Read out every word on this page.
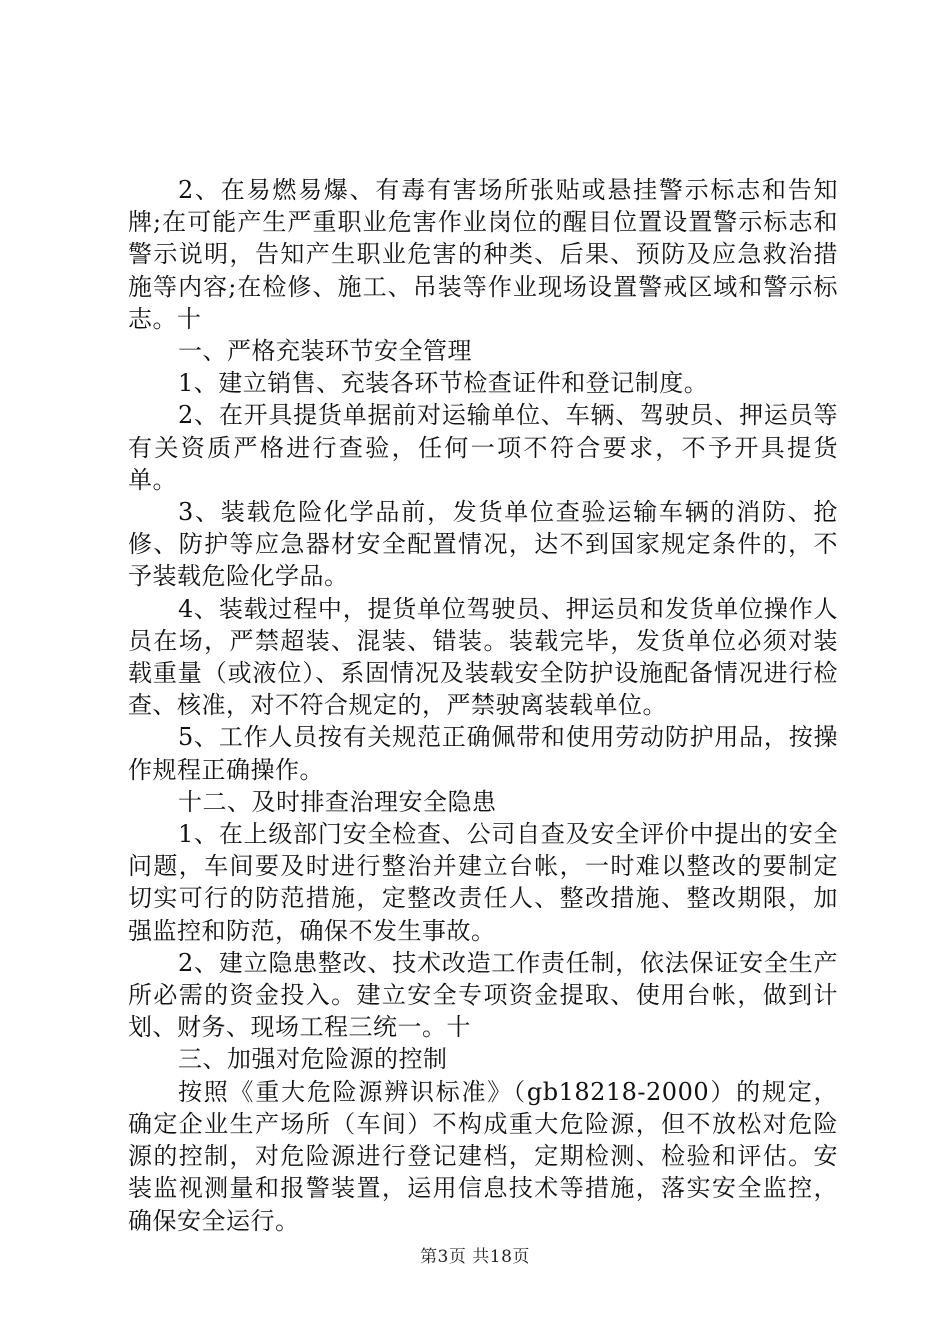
2、在易燃易爆、有毒有害场所张贴或悬挂警示标志和告知牌;在可能产生严重职业危害作业岗位的醒目位置设置警示标志和警示说明，告知产生职业危害的种类、后果、预防及应急救治措施等内容;在检修、施工、吊装等作业现场设置警戒区域和警示标志。十

一、严格充装环节安全管理

1、建立销售、充装各环节检查证件和登记制度。

2、在开具提货单据前对运输单位、车辆、驾驶员、押运员等有关资质严格进行查验，任何一项不符合要求，不予开具提货单。

3、装载危险化学品前，发货单位查验运输车辆的消防、抢修、防护等应急器材安全配置情况，达不到国家规定条件的，不予装载危险化学品。

4、装载过程中，提货单位驾驶员、押运员和发货单位操作人员在场，严禁超装、混装、错装。装载完毕，发货单位必须对装载重量（或液位）、系固情况及装载安全防护设施配备情况进行检查、核准，对不符合规定的，严禁驶离装载单位。

5、工作人员按有关规范正确佩带和使用劳动防护用品，按操作规程正确操作。

十二、及时排查治理安全隐患

1、在上级部门安全检查、公司自查及安全评价中提出的安全问题，车间要及时进行整治并建立台帐，一时难以整改的要制定切实可行的防范措施，定整改责任人、整改措施、整改期限，加强监控和防范，确保不发生事故。

2、建立隐患整改、技术改造工作责任制，依法保证安全生产所必需的资金投入。建立安全专项资金提取、使用台帐，做到计划、财务、现场工程三统一。十

三、加强对危险源的控制

按照《重大危险源辨识标准》（gb18218-2000）的规定，确定企业生产场所（车间）不构成重大危险源，但不放松对危险源的控制，对危险源进行登记建档，定期检测、检验和评估。安装监视测量和报警装置，运用信息技术等措施，落实安全监控，确保安全运行。

第3页 共18页
